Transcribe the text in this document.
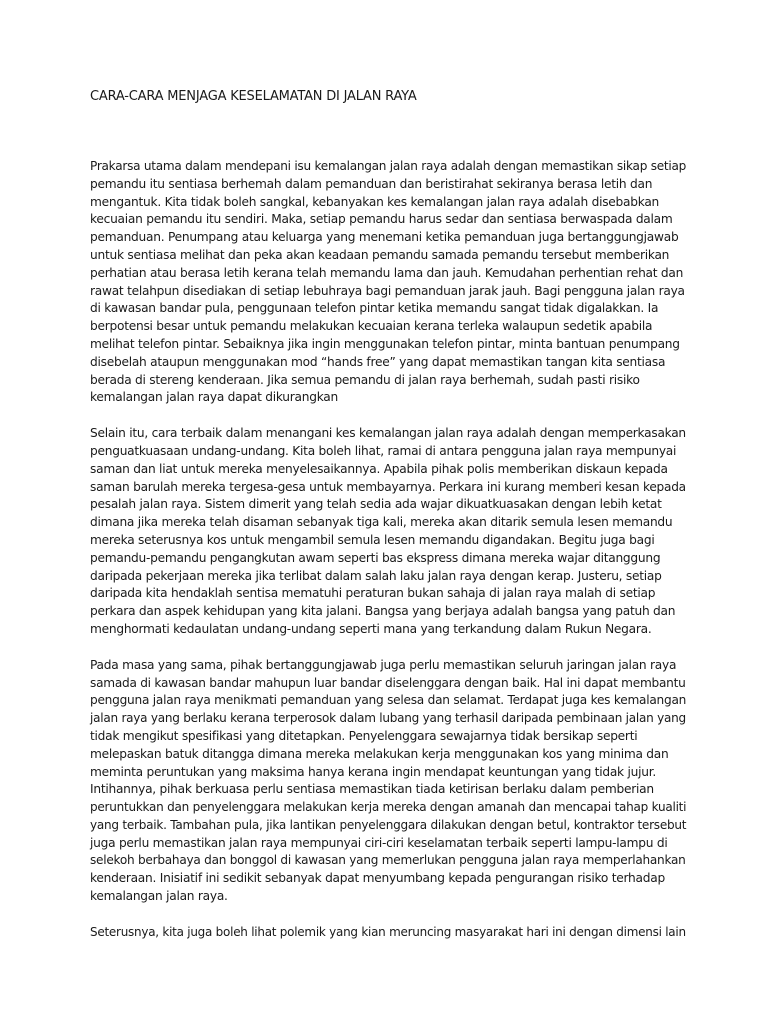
CARA-CARA MENJAGA KESELAMATAN DI JALAN RAYA

Prakarsa utama dalam mendepani isu kemalangan jalan raya adalah dengan memastikan sikap setiap
pemandu itu sentiasa berhemah dalam pemanduan dan beristirahat sekiranya berasa letih dan
mengantuk. Kita tidak boleh sangkal, kebanyakan kes kemalangan jalan raya adalah disebabkan
kecuaian pemandu itu sendiri. Maka, setiap pemandu harus sedar dan sentiasa berwaspada dalam
pemanduan. Penumpang atau keluarga yang menemani ketika pemanduan juga bertanggungjawab
untuk sentiasa melihat dan peka akan keadaan pemandu samada pemandu tersebut memberikan
perhatian atau berasa letih kerana telah memandu lama dan jauh. Kemudahan perhentian rehat dan
rawat telahpun disediakan di setiap lebuhraya bagi pemanduan jarak jauh. Bagi pengguna jalan raya
di kawasan bandar pula, penggunaan telefon pintar ketika memandu sangat tidak digalakkan. Ia
berpotensi besar untuk pemandu melakukan kecuaian kerana terleka walaupun sedetik apabila
melihat telefon pintar. Sebaiknya jika ingin menggunakan telefon pintar, minta bantuan penumpang
disebelah ataupun menggunakan mod “hands free” yang dapat memastikan tangan kita sentiasa
berada di stereng kenderaan. Jika semua pemandu di jalan raya berhemah, sudah pasti risiko
kemalangan jalan raya dapat dikurangkan

Selain itu, cara terbaik dalam menangani kes kemalangan jalan raya adalah dengan memperkasakan
penguatkuasaan undang-undang. Kita boleh lihat, ramai di antara pengguna jalan raya mempunyai
saman dan liat untuk mereka menyelesaikannya. Apabila pihak polis memberikan diskaun kepada
saman barulah mereka tergesa-gesa untuk membayarnya. Perkara ini kurang memberi kesan kepada
pesalah jalan raya. Sistem dimerit yang telah sedia ada wajar dikuatkuasakan dengan lebih ketat
dimana jika mereka telah disaman sebanyak tiga kali, mereka akan ditarik semula lesen memandu
mereka seterusnya kos untuk mengambil semula lesen memandu digandakan. Begitu juga bagi
pemandu-pemandu pengangkutan awam seperti bas ekspress dimana mereka wajar ditanggung
daripada pekerjaan mereka jika terlibat dalam salah laku jalan raya dengan kerap. Justeru, setiap
daripada kita hendaklah sentisa mematuhi peraturan bukan sahaja di jalan raya malah di setiap
perkara dan aspek kehidupan yang kita jalani. Bangsa yang berjaya adalah bangsa yang patuh dan
menghormati kedaulatan undang-undang seperti mana yang terkandung dalam Rukun Negara.

Pada masa yang sama, pihak bertanggungjawab juga perlu memastikan seluruh jaringan jalan raya
samada di kawasan bandar mahupun luar bandar diselenggara dengan baik. Hal ini dapat membantu
pengguna jalan raya menikmati pemanduan yang selesa dan selamat. Terdapat juga kes kemalangan
jalan raya yang berlaku kerana terperosok dalam lubang yang terhasil daripada pembinaan jalan yang
tidak mengikut spesifikasi yang ditetapkan. Penyelenggara sewajarnya tidak bersikap seperti
melepaskan batuk ditangga dimana mereka melakukan kerja menggunakan kos yang minima dan
meminta peruntukan yang maksima hanya kerana ingin mendapat keuntungan yang tidak jujur.
Intihannya, pihak berkuasa perlu sentiasa memastikan tiada ketirisan berlaku dalam pemberian
peruntukkan dan penyelenggara melakukan kerja mereka dengan amanah dan mencapai tahap kualiti
yang terbaik. Tambahan pula, jika lantikan penyelenggara dilakukan dengan betul, kontraktor tersebut
juga perlu memastikan jalan raya mempunyai ciri-ciri keselamatan terbaik seperti lampu-lampu di
selekoh berbahaya dan bonggol di kawasan yang memerlukan pengguna jalan raya memperlahankan
kenderaan. Inisiatif ini sedikit sebanyak dapat menyumbang kepada pengurangan risiko terhadap
kemalangan jalan raya.

Seterusnya, kita juga boleh lihat polemik yang kian meruncing masyarakat hari ini dengan dimensi lain
